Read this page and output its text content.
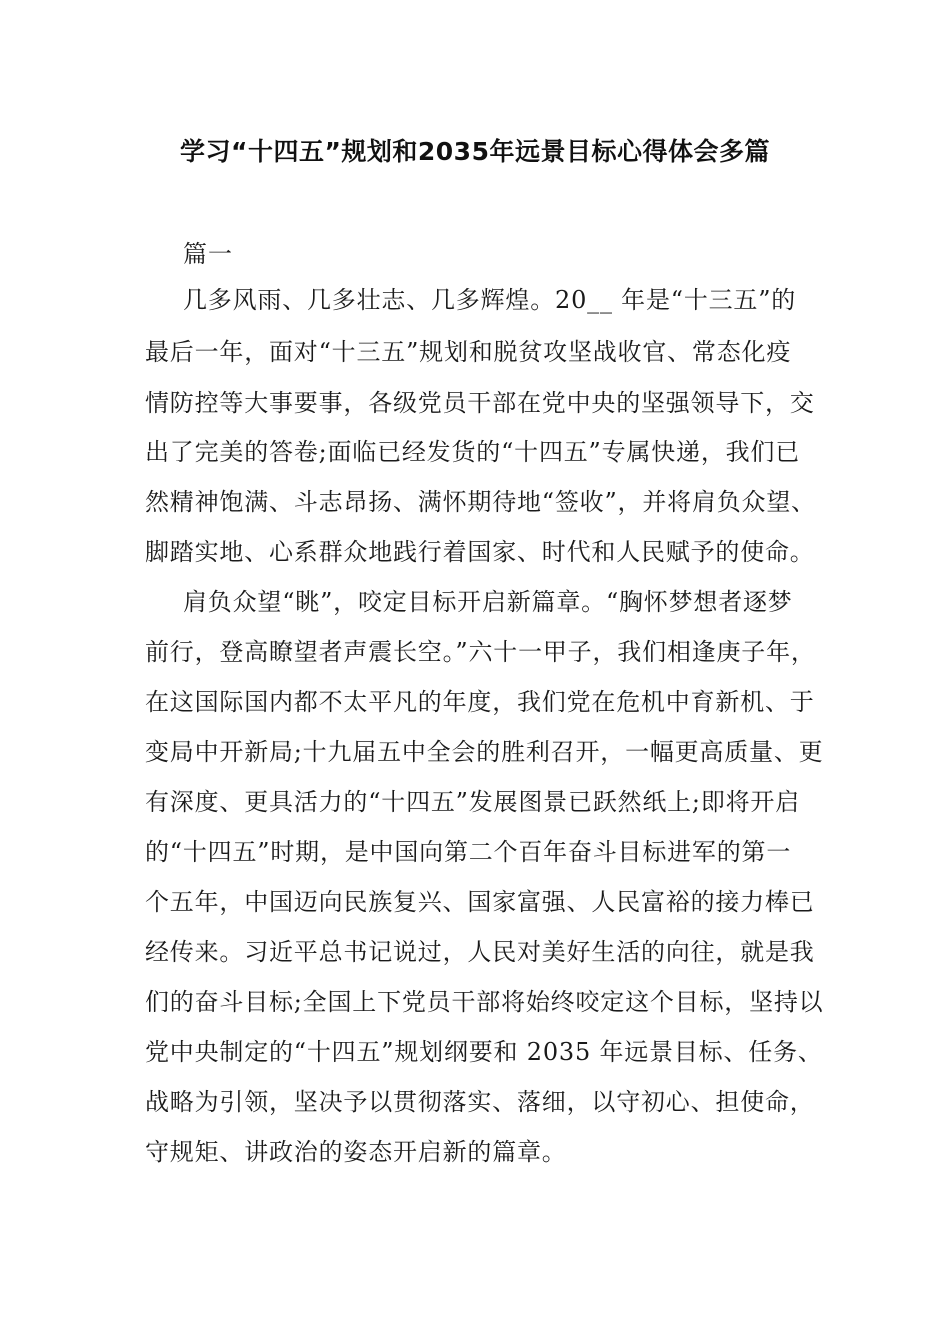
学习“十四五”规划和2035年远景目标心得体会多篇
篇一
几多风雨、几多壮志、几多辉煌。20__ 年是“十三五”的
最后一年，面对“十三五”规划和脱贫攻坚战收官、常态化疫
情防控等大事要事，各级党员干部在党中央的坚强领导下，交
出了完美的答卷;面临已经发货的“十四五”专属快递，我们已
然精神饱满、斗志昂扬、满怀期待地“签收”，并将肩负众望、
脚踏实地、心系群众地践行着国家、时代和人民赋予的使命。
肩负众望“眺”，咬定目标开启新篇章。“胸怀梦想者逐梦
前行，登高瞭望者声震长空。”六十一甲子，我们相逢庚子年，
在这国际国内都不太平凡的年度，我们党在危机中育新机、于
变局中开新局;十九届五中全会的胜利召开，一幅更高质量、更
有深度、更具活力的“十四五”发展图景已跃然纸上;即将开启
的“十四五”时期，是中国向第二个百年奋斗目标进军的第一
个五年，中国迈向民族复兴、国家富强、人民富裕的接力棒已
经传来。习近平总书记说过，人民对美好生活的向往，就是我
们的奋斗目标;全国上下党员干部将始终咬定这个目标，坚持以
党中央制定的“十四五”规划纲要和 2035 年远景目标、任务、
战略为引领，坚决予以贯彻落实、落细，以守初心、担使命，
守规矩、讲政治的姿态开启新的篇章。
